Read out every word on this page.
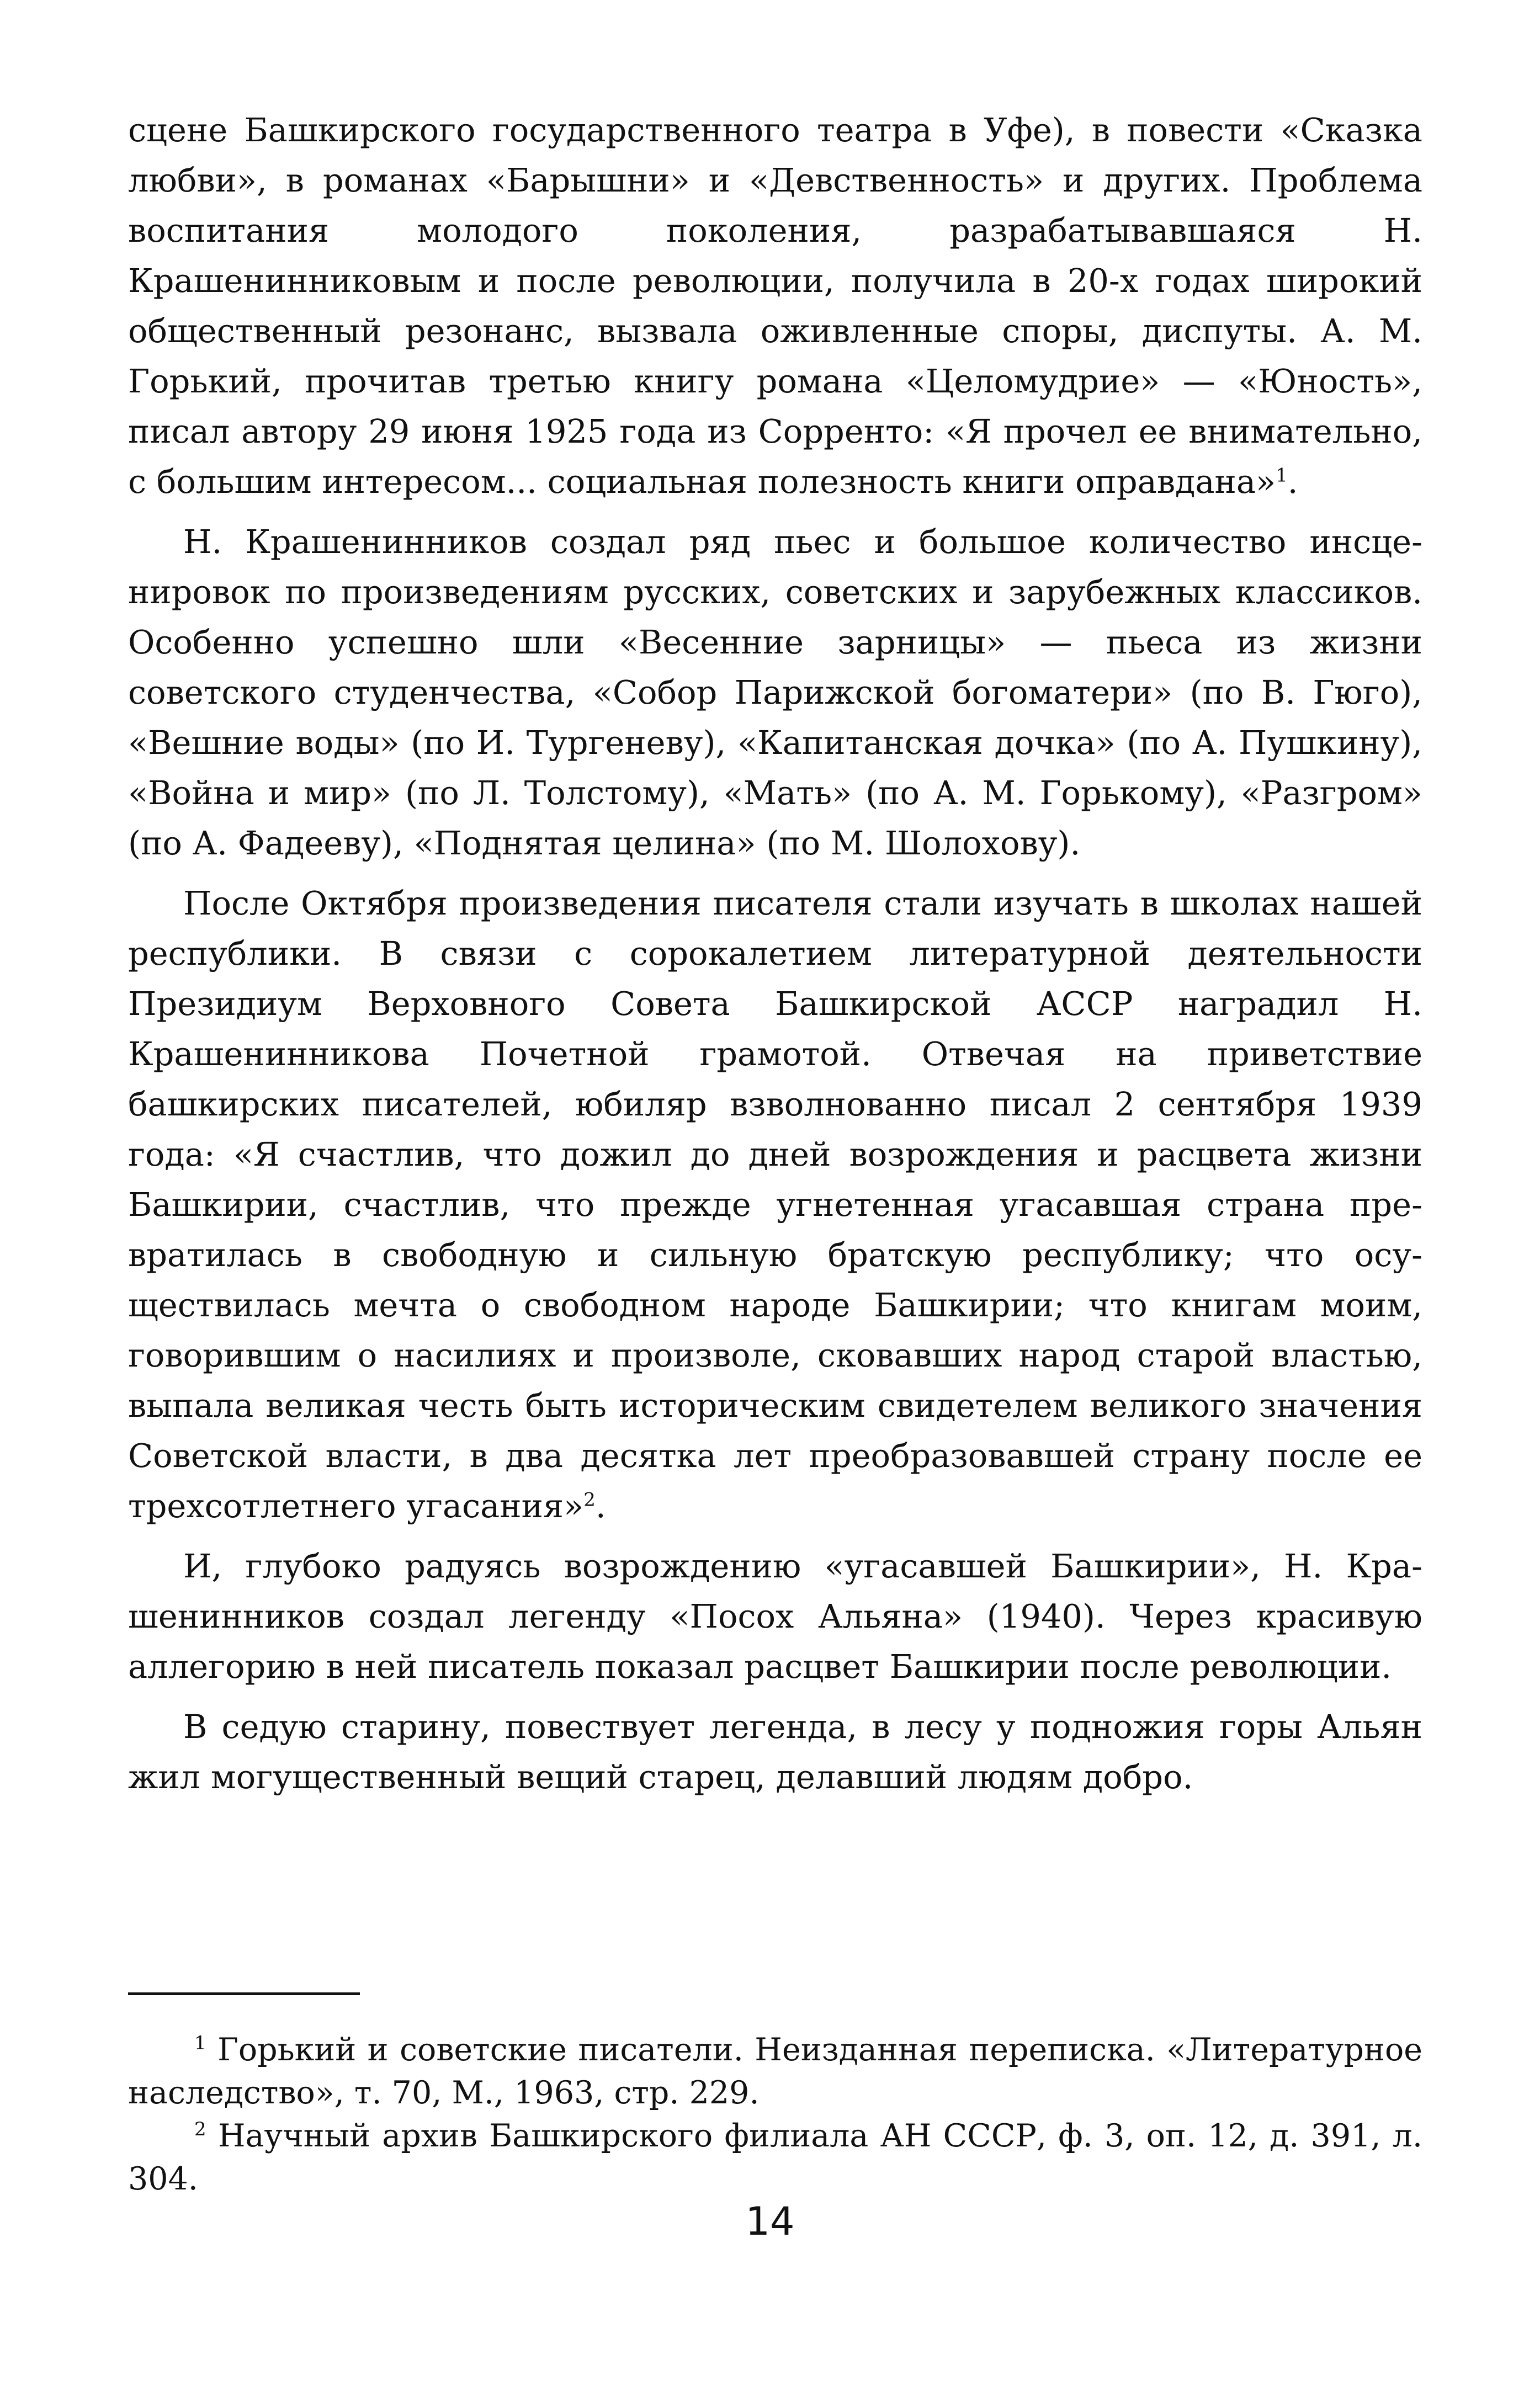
сцене Башкирского государственного театра в Уфе), в повести «Сказка любви», в романах «Барышни» и «Девственность» и других. Проблема воспитания молодого поколения, разрабатывавшаяся Н. Крашенинниковым и после революции, получила в 20-х годах широкий общественный резонанс, вызвала оживленные споры, диспуты. А. М. Горький, прочитав третью книгу романа «Целомудрие» — «Юность», писал автору 29 июня 1925 года из Сорренто: «Я прочел ее внимательно, с большим интересом... социальная полезность книги оправдана»$^1$.

Н. Крашенинников создал ряд пьес и большое количество инсценировок по произведениям русских, советских и зарубежных классиков. Особенно успешно шли «Весенние зарницы» — пьеса из жизни советского студенчества, «Собор Парижской богоматери» (по В. Гюго), «Вешние воды» (по И. Тургеневу), «Капитанская дочка» (по А. Пушкину), «Война и мир» (по Л. Толстому), «Мать» (по А. М. Горькому), «Разгром» (по А. Фадееву), «Поднятая целина» (по М. Шолохову).

После Октября произведения писателя стали изучать в школах нашей республики. В связи с сорокалетием литературной деятельности Президиум Верховного Совета Башкирской АССР наградил Н. Крашенинникова Почетной грамотой. Отвечая на приветствие башкирских писателей, юбиляр взволнованно писал 2 сентября 1939 года: «Я счастлив, что дожил до дней возрождения и расцвета жизни Башкирии, счастлив, что прежде угнетенная угасавшая страна превратилась в свободную и сильную братскую республику; что осуществилась мечта о свободном народе Башкирии; что книгам моим, говорившим о насилиях и произволе, сковавших народ старой властью, выпала великая честь быть историческим свидетелем великого значения Советской власти, в два десятка лет преобразовавшей страну после ее трехсотлетнего угасания»$^2$.

И, глубоко радуясь возрождению «угасавшей Башкирии», Н. Крашенинников создал легенду «Посох Альяна» (1940). Через красивую аллегорию в ней писатель показал расцвет Башкирии после революции.

В седую старину, повествует легенда, в лесу у подножия горы Альян жил могущественный вещий старец, делавший людям добро.

$^1$ Горький и советские писатели. Неизданная переписка. «Литературное наследство», т. 70, М., 1963, стр. 229.

$^2$ Научный архив Башкирского филиала АН СССР, ф. 3, оп. 12, д. 391, л. 304.

14
